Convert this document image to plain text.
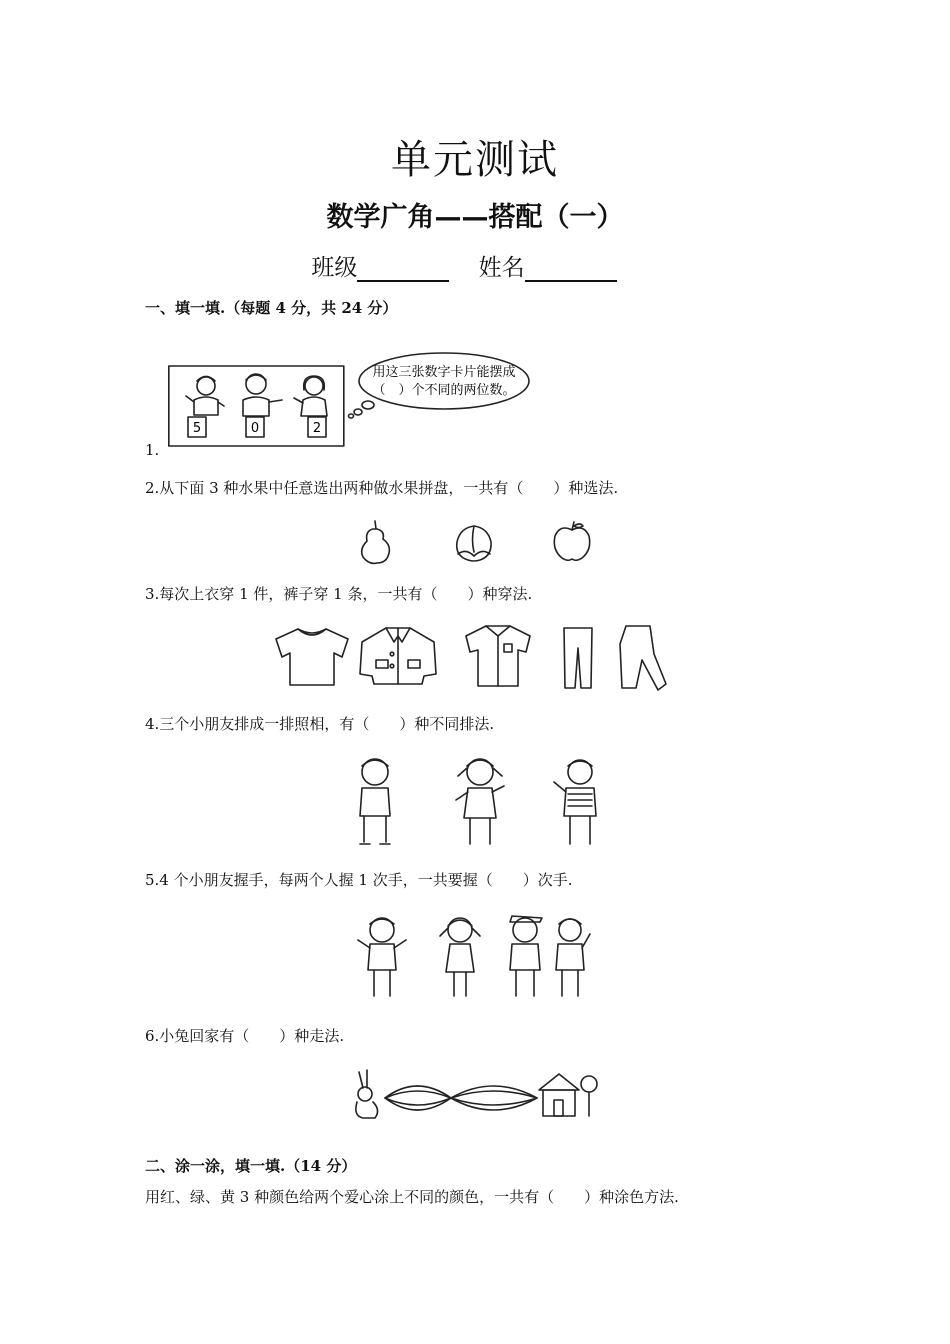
单元测试
数学广角——搭配（一）
班级	姓名
一、填一填.（每题 4 分，共 24 分）
5	0	2
用这三张数字卡片能摆成
（　）个不同的两位数。
1.
2.从下面 3 种水果中任意选出两种做水果拼盘，一共有（　　）种选法.
3.每次上衣穿 1 件，裤子穿 1 条，一共有（　　）种穿法.
4.三个小朋友排成一排照相，有（　　）种不同排法.
5.4 个小朋友握手，每两个人握 1 次手，一共要握（　　）次手.
6.小兔回家有（　　）种走法.
二、涂一涂，填一填.（14 分）
用红、绿、黄 3 种颜色给两个爱心涂上不同的颜色，一共有（　　）种涂色方法.
